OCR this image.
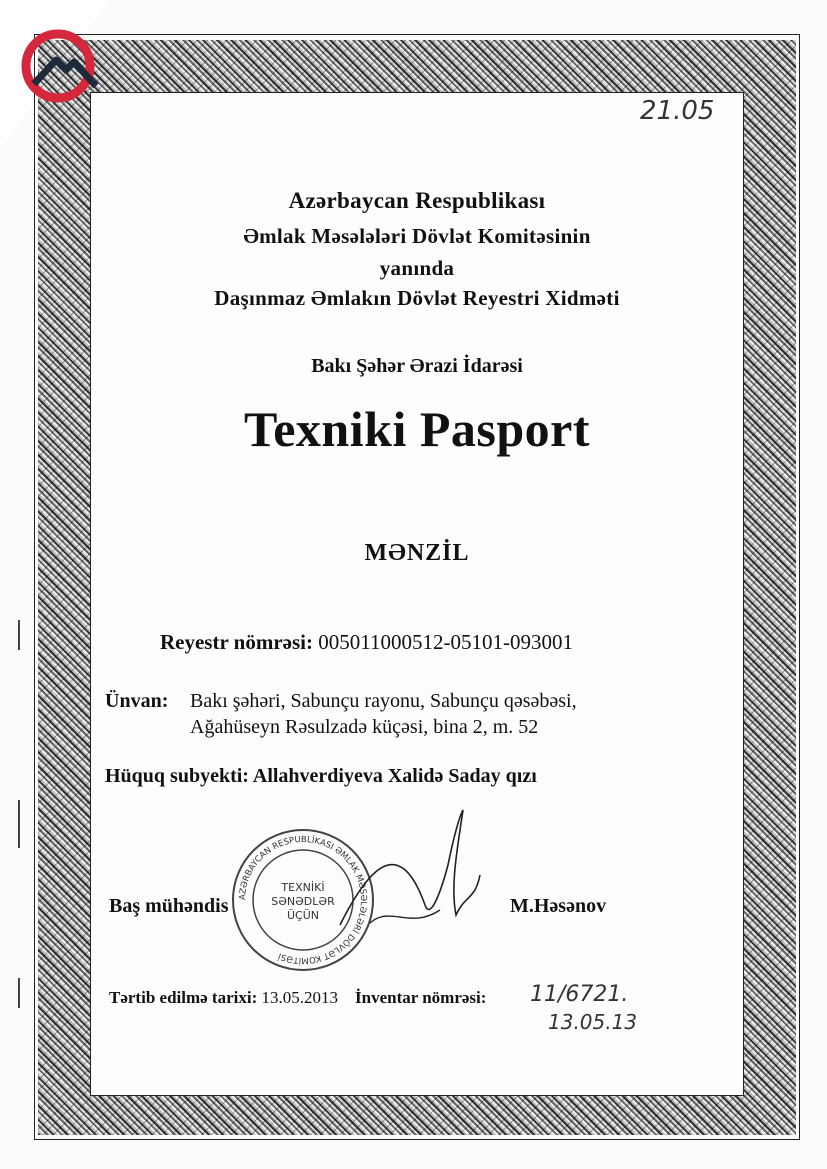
Azərbaycan Respublikası
Əmlak Məsələləri Dövlət Komitəsinin
yanında
Daşınmaz Əmlakın Dövlət Reyestri Xidməti
Bakı Şəhər Ərazi İdarəsi
Texniki Pasport
MƏNZİL
Reyestr nömrəsi: 005011000512-05101-093001
Ünvan: Bakı şəhəri, Sabunçu rayonu, Sabunçu qəsəbəsi,
Ağahüseyn Rəsulzadə küçəsi, bina 2, m. 52
Hüquq subyekti: Allahverdiyeva Xalidə Saday qızı
Baş mühəndis	M.Həsənov
AZƏRBAYCAN RESPUBLİKASI ƏMLAK MƏSƏLƏLƏRİ DÖVLƏT KOMİTƏSİ
TEXNİKİ
SƏNƏDLƏR
ÜÇÜN
Tərtib edilmə tarixi: 13.05.2013 İnventar nömrəsi:
21.05
11/6721.
13.05.13
